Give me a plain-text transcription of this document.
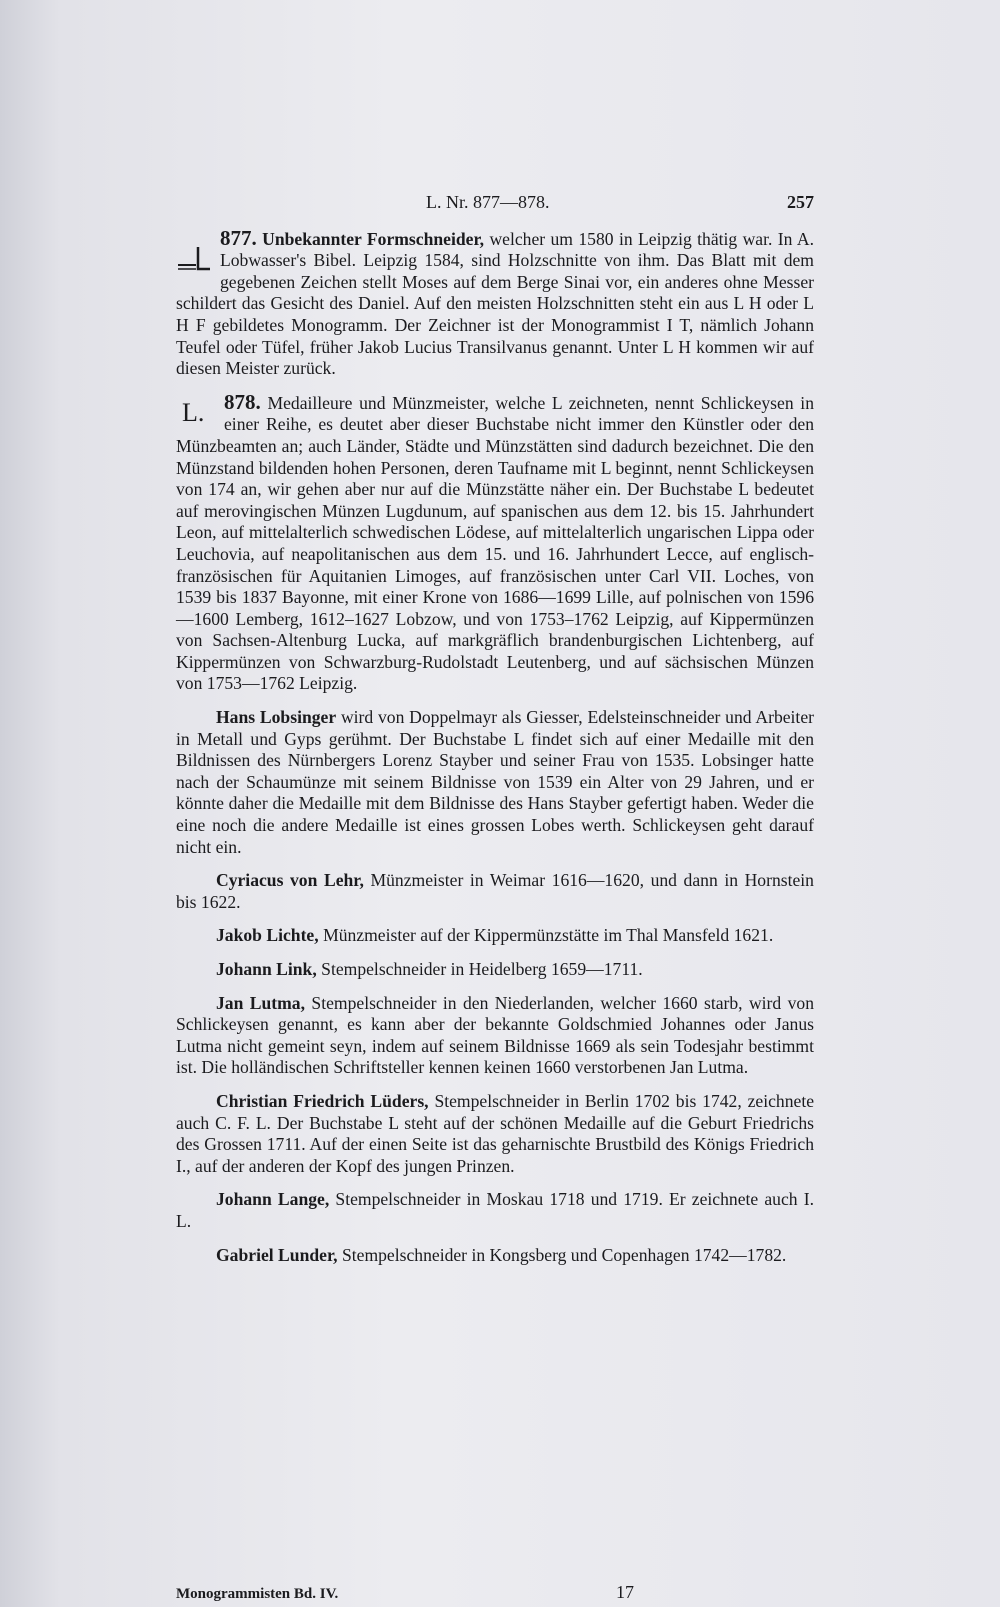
L. Nr. 877—878.	257
877. Unbekannter Formschneider, welcher um 1580 in Leipzig thätig war. In A. Lobwasser's Bibel. Leipzig 1584, sind Holzschnitte von ihm. Das Blatt mit dem gegebenen Zeichen stellt Moses auf dem Berge Sinai vor, ein anderes ohne Messer schildert das Gesicht des Daniel. Auf den meisten Holzschnitten steht ein aus L H oder L H F gebildetes Monogramm. Der Zeichner ist der Monogrammist I T, nämlich Johann Teufel oder Tüfel, früher Jakob Lucius Transilvanus genannt. Unter L H kommen wir auf diesen Meister zurück.
878.
L.	Medailleure und Münzmeister, welche L zeichneten, nennt Schlickeysen in einer Reihe, es deutet aber dieser Buchstabe nicht immer den Künstler oder den Münzbeamten an; auch Länder, Städte und Münzstätten sind dadurch bezeichnet. Die den Münzstand bildenden hohen Personen, deren Taufname mit L beginnt, nennt Schlickeysen von 174 an, wir gehen aber nur auf die Münzstätte näher ein. Der Buchstabe L bedeutet auf merovingischen Münzen Lugdunum, auf spanischen aus dem 12. bis 15. Jahrhundert Leon, auf mittelalterlich schwedischen Lödese, auf mittelalterlich ungarischen Lippa oder Leuchovia, auf neapolitanischen aus dem 15. und 16. Jahrhundert Lecce, auf englisch-französischen für Aquitanien Limoges, auf französischen unter Carl VII. Loches, von 1539 bis 1837 Bayonne, mit einer Krone von 1686—1699 Lille, auf polnischen von 1596—1600 Lemberg, 1612–1627 Lobzow, und von 1753–1762 Leipzig, auf Kippermünzen von Sachsen-Altenburg Lucka, auf markgräflich brandenburgischen Lichtenberg, auf Kippermünzen von Schwarzburg-Rudolstadt Leutenberg, und auf sächsischen Münzen von 1753—1762 Leipzig.

Hans Lobsinger wird von Doppelmayr als Giesser, Edelsteinschneider und Arbeiter in Metall und Gyps gerühmt. Der Buchstabe L findet sich auf einer Medaille mit den Bildnissen des Nürnbergers Lorenz Stayber und seiner Frau von 1535. Lobsinger hatte nach der Schaumünze mit seinem Bildnisse von 1539 ein Alter von 29 Jahren, und er könnte daher die Medaille mit dem Bildnisse des Hans Stayber gefertigt haben. Weder die eine noch die andere Medaille ist eines grossen Lobes werth. Schlickeysen geht darauf nicht ein.

Cyriacus von Lehr, Münzmeister in Weimar 1616—1620, und dann in Hornstein bis 1622.

Jakob Lichte, Münzmeister auf der Kippermünzstätte im Thal Mansfeld 1621.

Johann Link, Stempelschneider in Heidelberg 1659—1711.

Jan Lutma, Stempelschneider in den Niederlanden, welcher 1660 starb, wird von Schlickeysen genannt, es kann aber der bekannte Goldschmied Johannes oder Janus Lutma nicht gemeint seyn, indem auf seinem Bildnisse 1669 als sein Todesjahr bestimmt ist. Die holländischen Schriftsteller kennen keinen 1660 verstorbenen Jan Lutma.

Christian Friedrich Lüders, Stempelschneider in Berlin 1702 bis 1742, zeichnete auch C. F. L. Der Buchstabe L steht auf der schönen Medaille auf die Geburt Friedrichs des Grossen 1711. Auf der einen Seite ist das geharnischte Brustbild des Königs Friedrich I., auf der anderen der Kopf des jungen Prinzen.

Johann Lange, Stempelschneider in Moskau 1718 und 1719. Er zeichnete auch I. L.

Gabriel Lunder, Stempelschneider in Kongsberg und Copenhagen 1742—1782.

Monogrammisten Bd. IV.	17
